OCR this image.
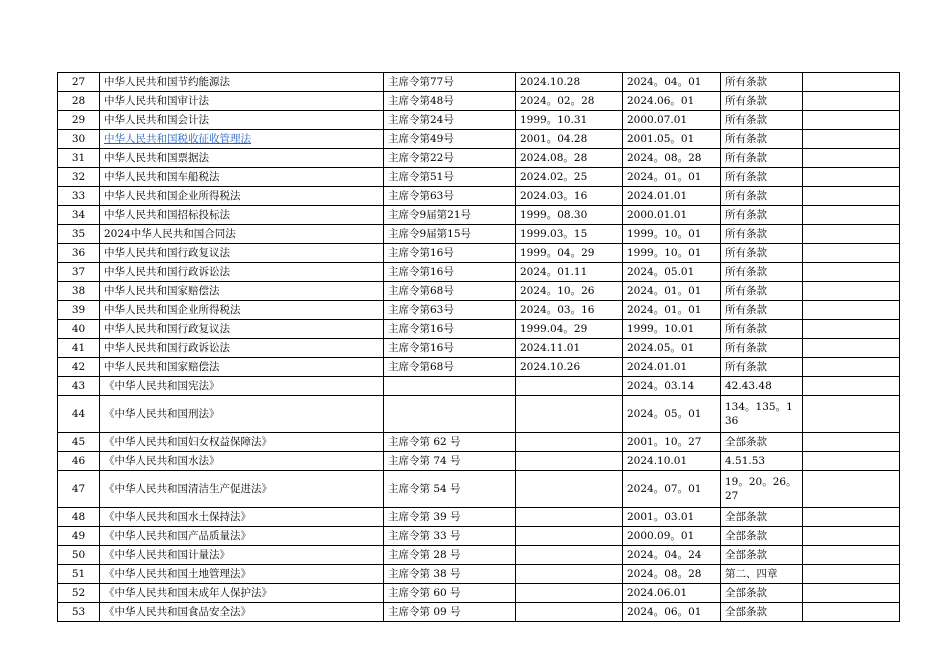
27	中华人民共和国节约能源法	主席令第77号	2024.10.28	2024。04。01	所有条款	
28	中华人民共和国审计法	主席令第48号	2024。02。28	2024.06。01	所有条款	
29	中华人民共和国会计法	主席令第24号	1999。10.31	2000.07.01	所有条款	
30	中华人民共和国税收征收管理法	主席令第49号	2001。04.28	2001.05。01	所有条款	
31	中华人民共和国票据法	主席令第22号	2024.08。28	2024。08。28	所有条款	
32	中华人民共和国车船税法	主席令第51号	2024.02。25	2024。01。01	所有条款	
33	中华人民共和国企业所得税法	主席令第63号	2024.03。16	2024.01.01	所有条款	
34	中华人民共和国招标投标法	主席令9届第21号	1999。08.30	2000.01.01	所有条款	
35	2024中华人民共和国合同法	主席令9届第15号	1999.03。15	1999。10。01	所有条款	
36	中华人民共和国行政复议法	主席令第16号	1999。04。29	1999。10。01	所有条款	
37	中华人民共和国行政诉讼法	主席令第16号	2024。01.11	2024。05.01	所有条款	
38	中华人民共和国家赔偿法	主席令第68号	2024。10。26	2024。01。01	所有条款	
39	中华人民共和国企业所得税法	主席令第63号	2024。03。16	2024。01。01	所有条款	
40	中华人民共和国行政复议法	主席令第16号	1999.04。29	1999。10.01	所有条款	
41	中华人民共和国行政诉讼法	主席令第16号	2024.11.01	2024.05。01	所有条款	
42	中华人民共和国家赔偿法	主席令第68号	2024.10.26	2024.01.01	所有条款	
43	《中华人民共和国宪法》			2024。03.14	42.43.48	
44	《中华人民共和国刑法》			2024。05。01	134。135。136	
45	《中华人民共和国妇女权益保障法》	主席令第 62 号		2001。10。27	全部条款	
46	《中华人民共和国水法》	主席令第 74 号		2024.10.01	4.51.53	
47	《中华人民共和国清洁生产促进法》	主席令第 54 号		2024。07。01	19。20。26。27	
48	《中华人民共和国水土保持法》	主席令第 39 号		2001。03.01	全部条款	
49	《中华人民共和国产品质量法》	主席令第 33 号		2000.09。01	全部条款	
50	《中华人民共和国计量法》	主席令第 28 号		2024。04。24	全部条款	
51	《中华人民共和国土地管理法》	主席令第 38 号		2024。08。28	第二、四章	
52	《中华人民共和国未成年人保护法》	主席令第 60 号		2024.06.01	全部条款	
53	《中华人民共和国食品安全法》	主席令第 09 号		2024。06。01	全部条款	
